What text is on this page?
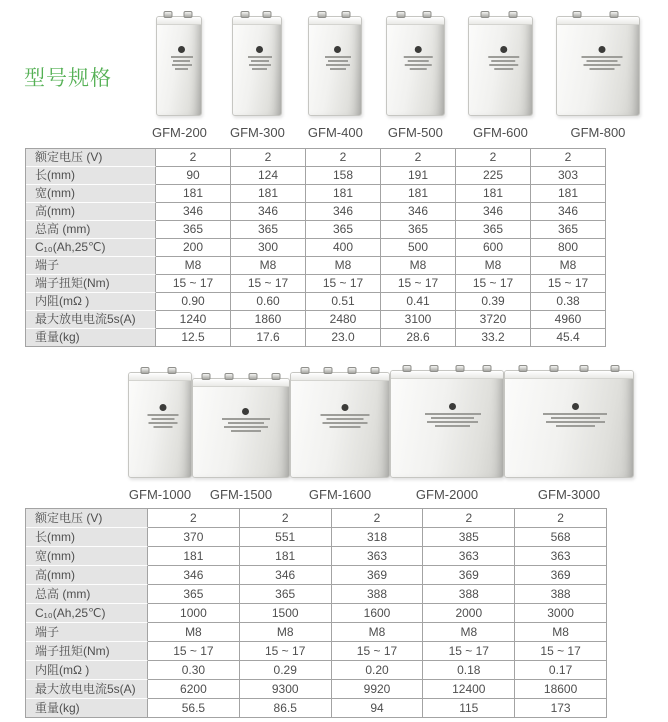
型号规格
GFM-200 GFM-300 GFM-400 GFM-500 GFM-600	GFM-800
额定电压 (V)	2	2	2	2	2	2
长(mm)	90	124	158	191	225	303
宽(mm)	181	181	181	181	181	181
高(mm)	346	346	346	346	346	346
总高 (mm)	365	365	365	365	365	365
C₁₀(Ah,25℃)	200	300	400	500	600	800
端子	M8	M8	M8	M8	M8	M8
端子扭矩(Nm)	15 ~ 17	15 ~ 17	15 ~ 17	15 ~ 17	15 ~ 17	15 ~ 17
内阻(mΩ )	0.90	0.60	0.51	0.41	0.39	0.38
最大放电电流5s(A)	1240	1860	2480	3100	3720	4960
重量(kg)	12.5	17.6	23.0	28.6	33.2	45.4
GFM-1000 GFM-1500	GFM-1600	GFM-2000	GFM-3000
额定电压 (V)	2	2	2	2	2
长(mm)	370	551	318	385	568
宽(mm)	181	181	363	363	363
高(mm)	346	346	369	369	369
总高 (mm)	365	365	388	388	388
C₁₀(Ah,25℃)	1000	1500	1600	2000	3000
端子	M8	M8	M8	M8	M8
端子扭矩(Nm)	15 ~ 17	15 ~ 17	15 ~ 17	15 ~ 17	15 ~ 17
内阻(mΩ )	0.30	0.29	0.20	0.18	0.17
最大放电电流5s(A)	6200	9300	9920	12400	18600
重量(kg)	56.5	86.5	94	115	173
